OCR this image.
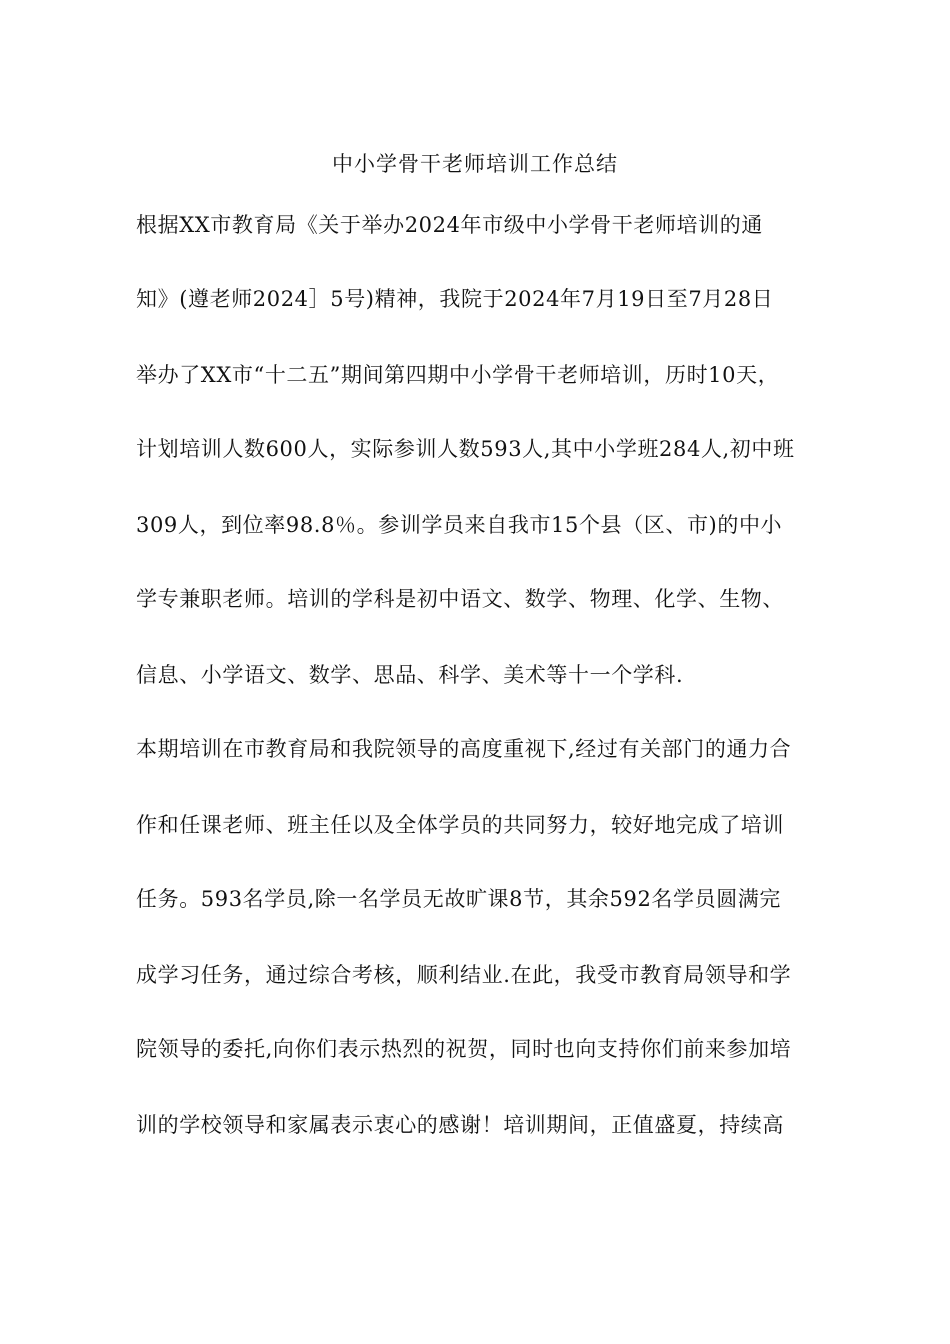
中小学骨干老师培训工作总结
根据XX市教育局《关于举办2024年市级中小学骨干老师培训的通
知》(遵老师2024］5号)精神，我院于2024年7月19日至7月28日
举办了XX市“十二五”期间第四期中小学骨干老师培训，历时10天，
计划培训人数600人，实际参训人数593人,其中小学班284人,初中班
309人，到位率98.8％。参训学员来自我市15个县（区、市)的中小
学专兼职老师。培训的学科是初中语文、数学、物理、化学、生物、
信息、小学语文、数学、思品、科学、美术等十一个学科.
本期培训在市教育局和我院领导的高度重视下,经过有关部门的通力合
作和任课老师、班主任以及全体学员的共同努力，较好地完成了培训
任务。593名学员,除一名学员无故旷课8节，其余592名学员圆满完
成学习任务，通过综合考核，顺利结业.在此，我受市教育局领导和学
院领导的委托,向你们表示热烈的祝贺，同时也向支持你们前来参加培
训的学校领导和家属表示衷心的感谢！培训期间，正值盛夏，持续高
